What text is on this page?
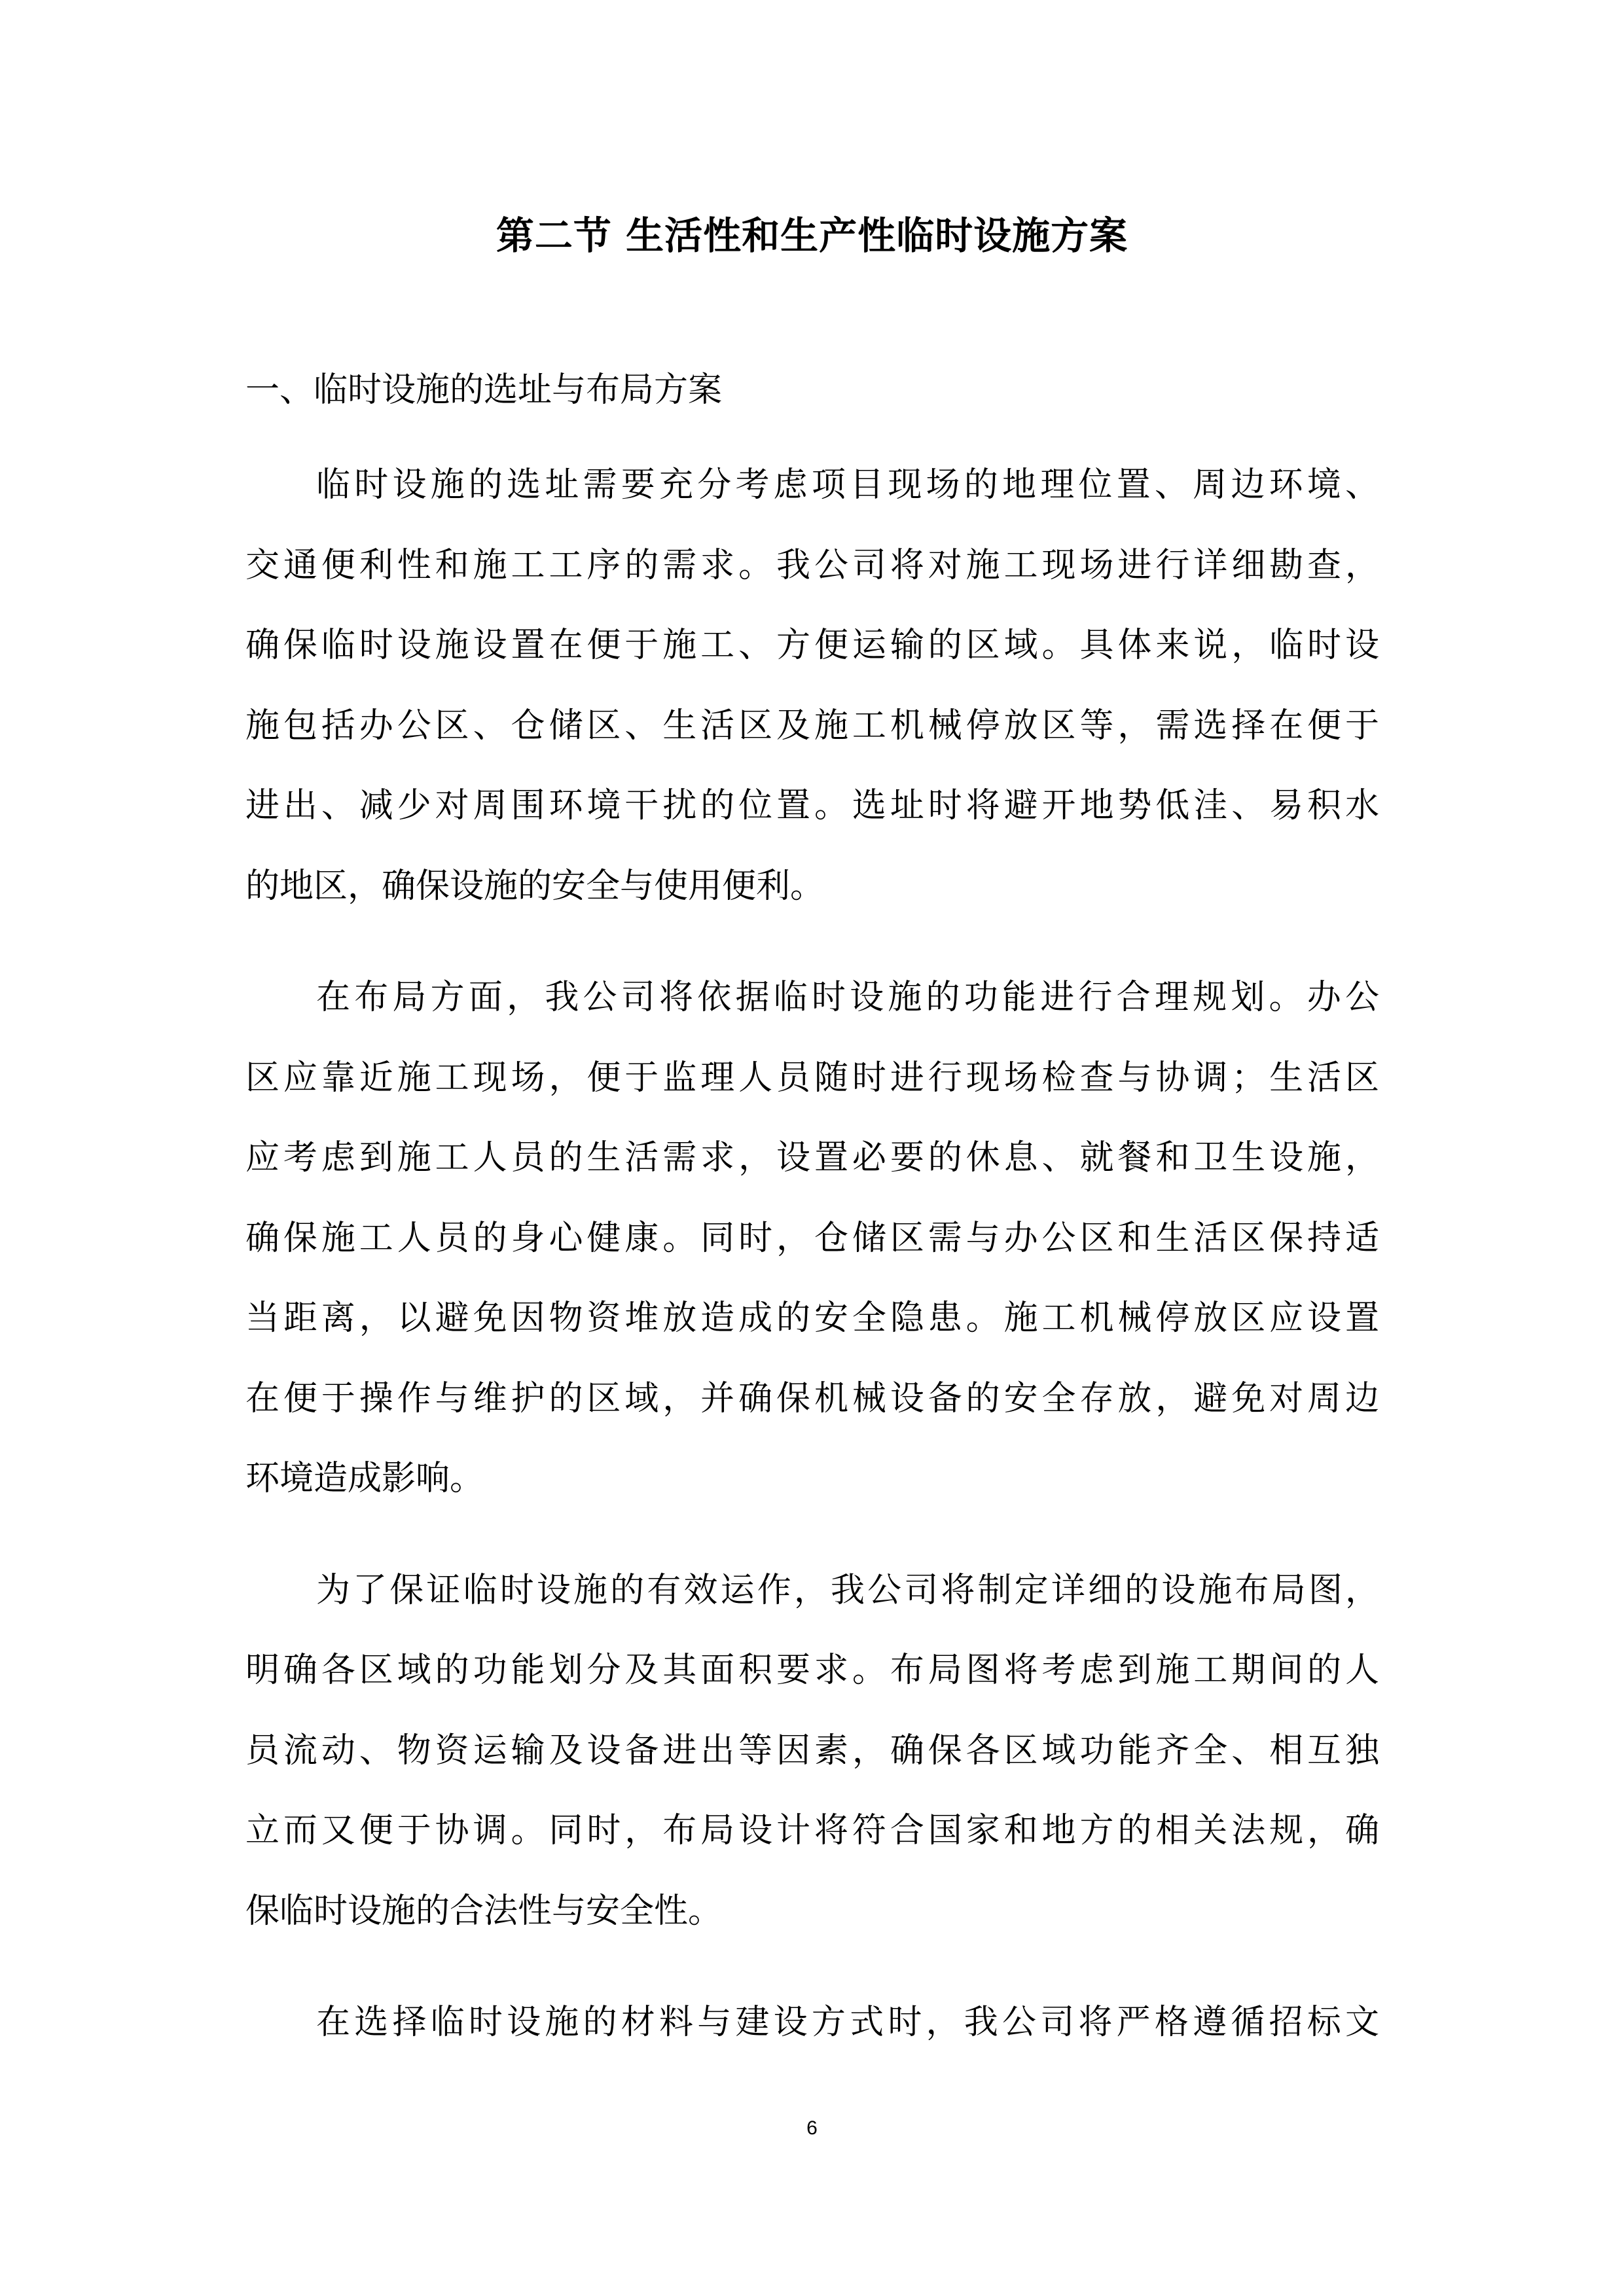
第二节 生活性和生产性临时设施方案
一、临时设施的选址与布局方案
临时设施的选址需要充分考虑项目现场的地理位置、周边环境、
交通便利性和施工工序的需求。我公司将对施工现场进行详细勘查，
确保临时设施设置在便于施工、方便运输的区域。具体来说，临时设
施包括办公区、仓储区、生活区及施工机械停放区等，需选择在便于
进出、减少对周围环境干扰的位置。选址时将避开地势低洼、易积水
的地区，确保设施的安全与使用便利。
在布局方面，我公司将依据临时设施的功能进行合理规划。办公
区应靠近施工现场，便于监理人员随时进行现场检查与协调；生活区
应考虑到施工人员的生活需求，设置必要的休息、就餐和卫生设施，
确保施工人员的身心健康。同时，仓储区需与办公区和生活区保持适
当距离，以避免因物资堆放造成的安全隐患。施工机械停放区应设置
在便于操作与维护的区域，并确保机械设备的安全存放，避免对周边
环境造成影响。
为了保证临时设施的有效运作，我公司将制定详细的设施布局图，
明确各区域的功能划分及其面积要求。布局图将考虑到施工期间的人
员流动、物资运输及设备进出等因素，确保各区域功能齐全、相互独
立而又便于协调。同时，布局设计将符合国家和地方的相关法规，确
保临时设施的合法性与安全性。
在选择临时设施的材料与建设方式时，我公司将严格遵循招标文
6
